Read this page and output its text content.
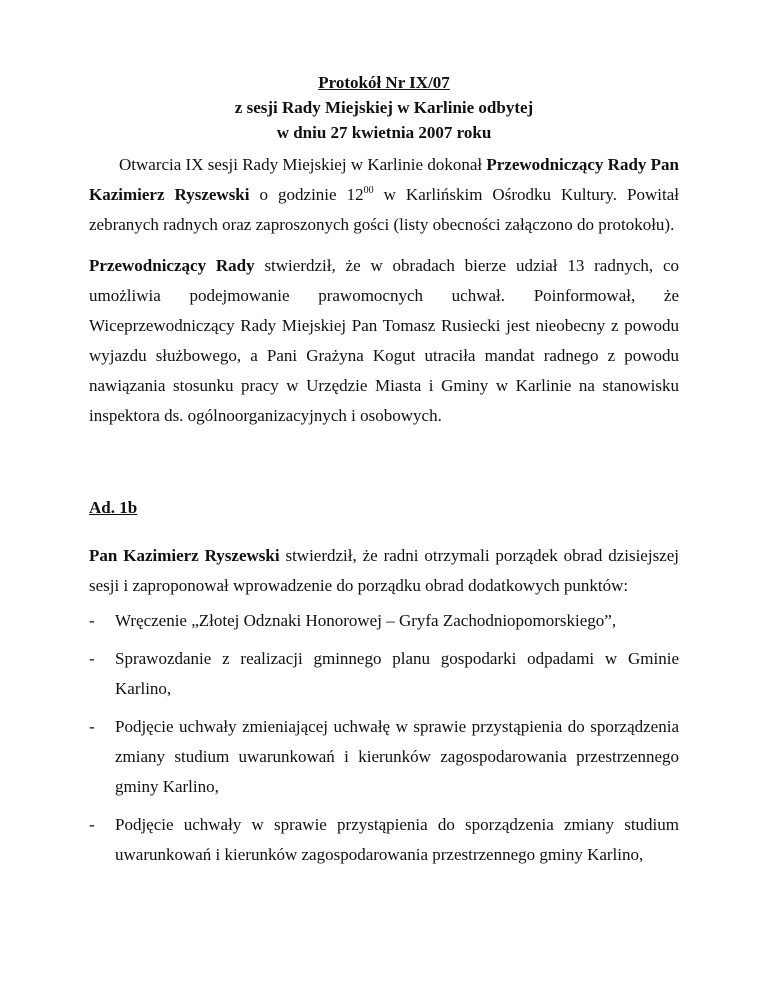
Protokół Nr IX/07
z sesji Rady Miejskiej w Karlinie odbytej
w dniu 27 kwietnia 2007 roku

Otwarcia IX sesji Rady Miejskiej w Karlinie dokonał Przewodniczący Rady Pan Kazimierz Ryszewski o godzinie $12^{00}$ w Karlińskim Ośrodku Kultury. Powitał zebranych radnych oraz zaproszonych gości (listy obecności załączono do protokołu).

Przewodniczący Rady stwierdził, że w obradach bierze udział 13 radnych, co umożliwia podejmowanie prawomocnych uchwał. Poinformował, że Wiceprzewodniczący Rady Miejskiej Pan Tomasz Rusiecki jest nieobecny z powodu wyjazdu służbowego, a Pani Grażyna Kogut utraciła mandat radnego z powodu nawiązania stosunku pracy w Urzędzie Miasta i Gminy w Karlinie na stanowisku inspektora ds. ogólnoorganizacyjnych i osobowych.

Ad. 1b

Pan Kazimierz Ryszewski stwierdził, że radni otrzymali porządek obrad dzisiejszej sesji i zaproponował wprowadzenie do porządku obrad dodatkowych punktów:

- Wręczenie „Złotej Odznaki Honorowej – Gryfa Zachodniopomorskiego”,
- Sprawozdanie z realizacji gminnego planu gospodarki odpadami w Gminie Karlino,
- Podjęcie uchwały zmieniającej uchwałę w sprawie przystąpienia do sporządzenia zmiany studium uwarunkowań i kierunków zagospodarowania przestrzennego gminy Karlino,
- Podjęcie uchwały w sprawie przystąpienia do sporządzenia zmiany studium uwarunkowań i kierunków zagospodarowania przestrzennego gminy Karlino,
